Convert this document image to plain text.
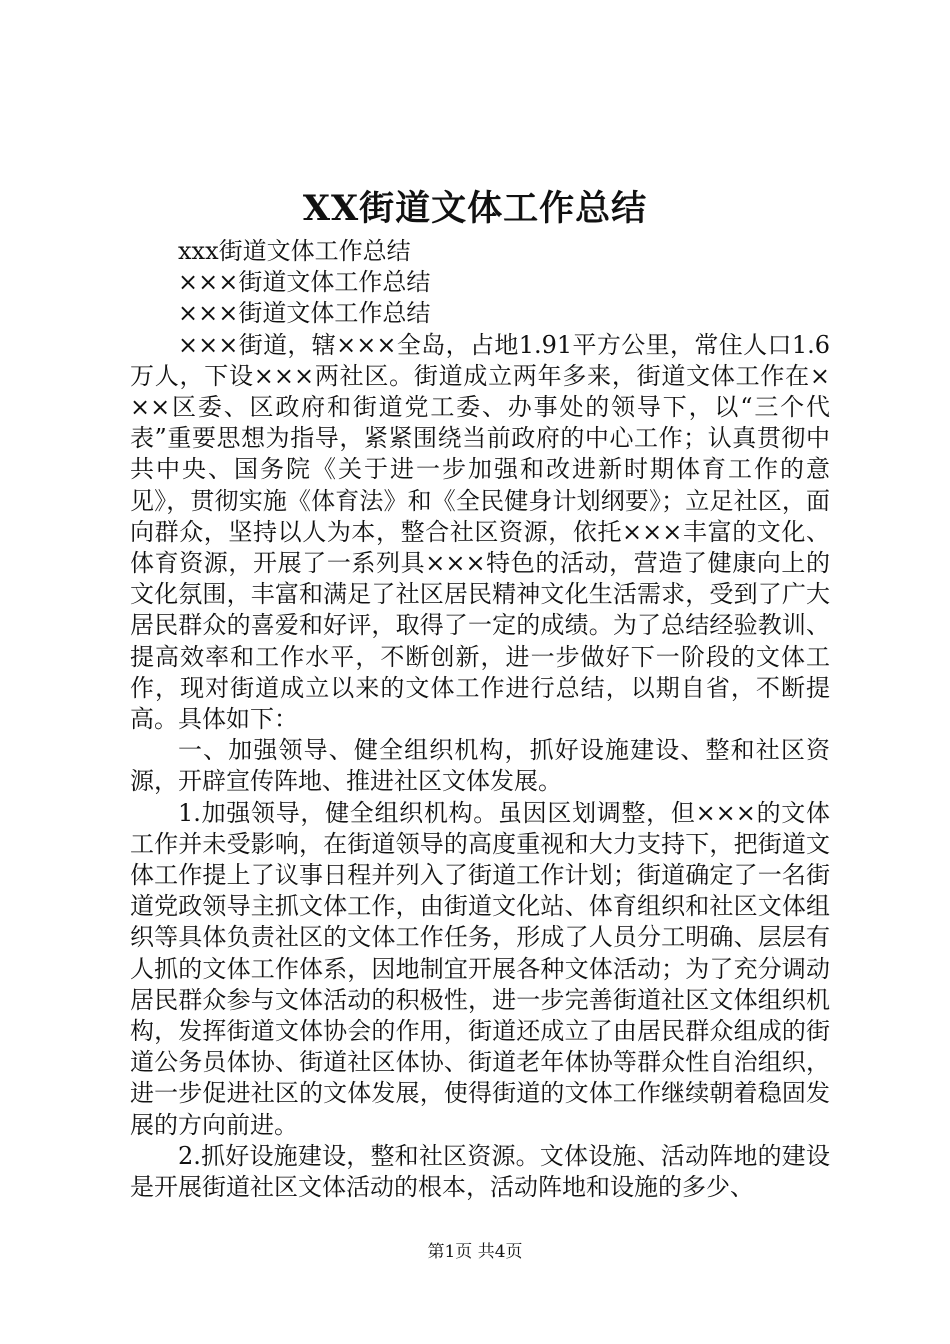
XX街道文体工作总结

xxx街道文体工作总结

×××街道文体工作总结

×××街道文体工作总结

×××街道，辖×××全岛，占地1.91平方公里，常住人口1.6万人，下设×××两社区。街道成立两年多来，街道文体工作在×××区委、区政府和街道党工委、办事处的领导下，以“三个代表”重要思想为指导，紧紧围绕当前政府的中心工作；认真贯彻中共中央、国务院《关于进一步加强和改进新时期体育工作的意见》，贯彻实施《体育法》和《全民健身计划纲要》；立足社区，面向群众，坚持以人为本，整合社区资源，依托×××丰富的文化、体育资源，开展了一系列具×××特色的活动，营造了健康向上的文化氛围，丰富和满足了社区居民精神文化生活需求，受到了广大居民群众的喜爱和好评，取得了一定的成绩。为了总结经验教训、提高效率和工作水平，不断创新，进一步做好下一阶段的文体工作，现对街道成立以来的文体工作进行总结，以期自省，不断提高。具体如下：

一、加强领导、健全组织机构，抓好设施建设、整和社区资源，开辟宣传阵地、推进社区文体发展。

1.加强领导，健全组织机构。虽因区划调整，但×××的文体工作并未受影响，在街道领导的高度重视和大力支持下，把街道文体工作提上了议事日程并列入了街道工作计划；街道确定了一名街道党政领导主抓文体工作，由街道文化站、体育组织和社区文体组织等具体负责社区的文体工作任务，形成了人员分工明确、层层有人抓的文体工作体系，因地制宜开展各种文体活动；为了充分调动居民群众参与文体活动的积极性，进一步完善街道社区文体组织机构，发挥街道文体协会的作用，街道还成立了由居民群众组成的街道公务员体协、街道社区体协、街道老年体协等群众性自治组织，进一步促进社区的文体发展，使得街道的文体工作继续朝着稳固发展的方向前进。

2.抓好设施建设，整和社区资源。文体设施、活动阵地的建设是开展街道社区文体活动的根本，活动阵地和设施的多少、

第1页 共4页
